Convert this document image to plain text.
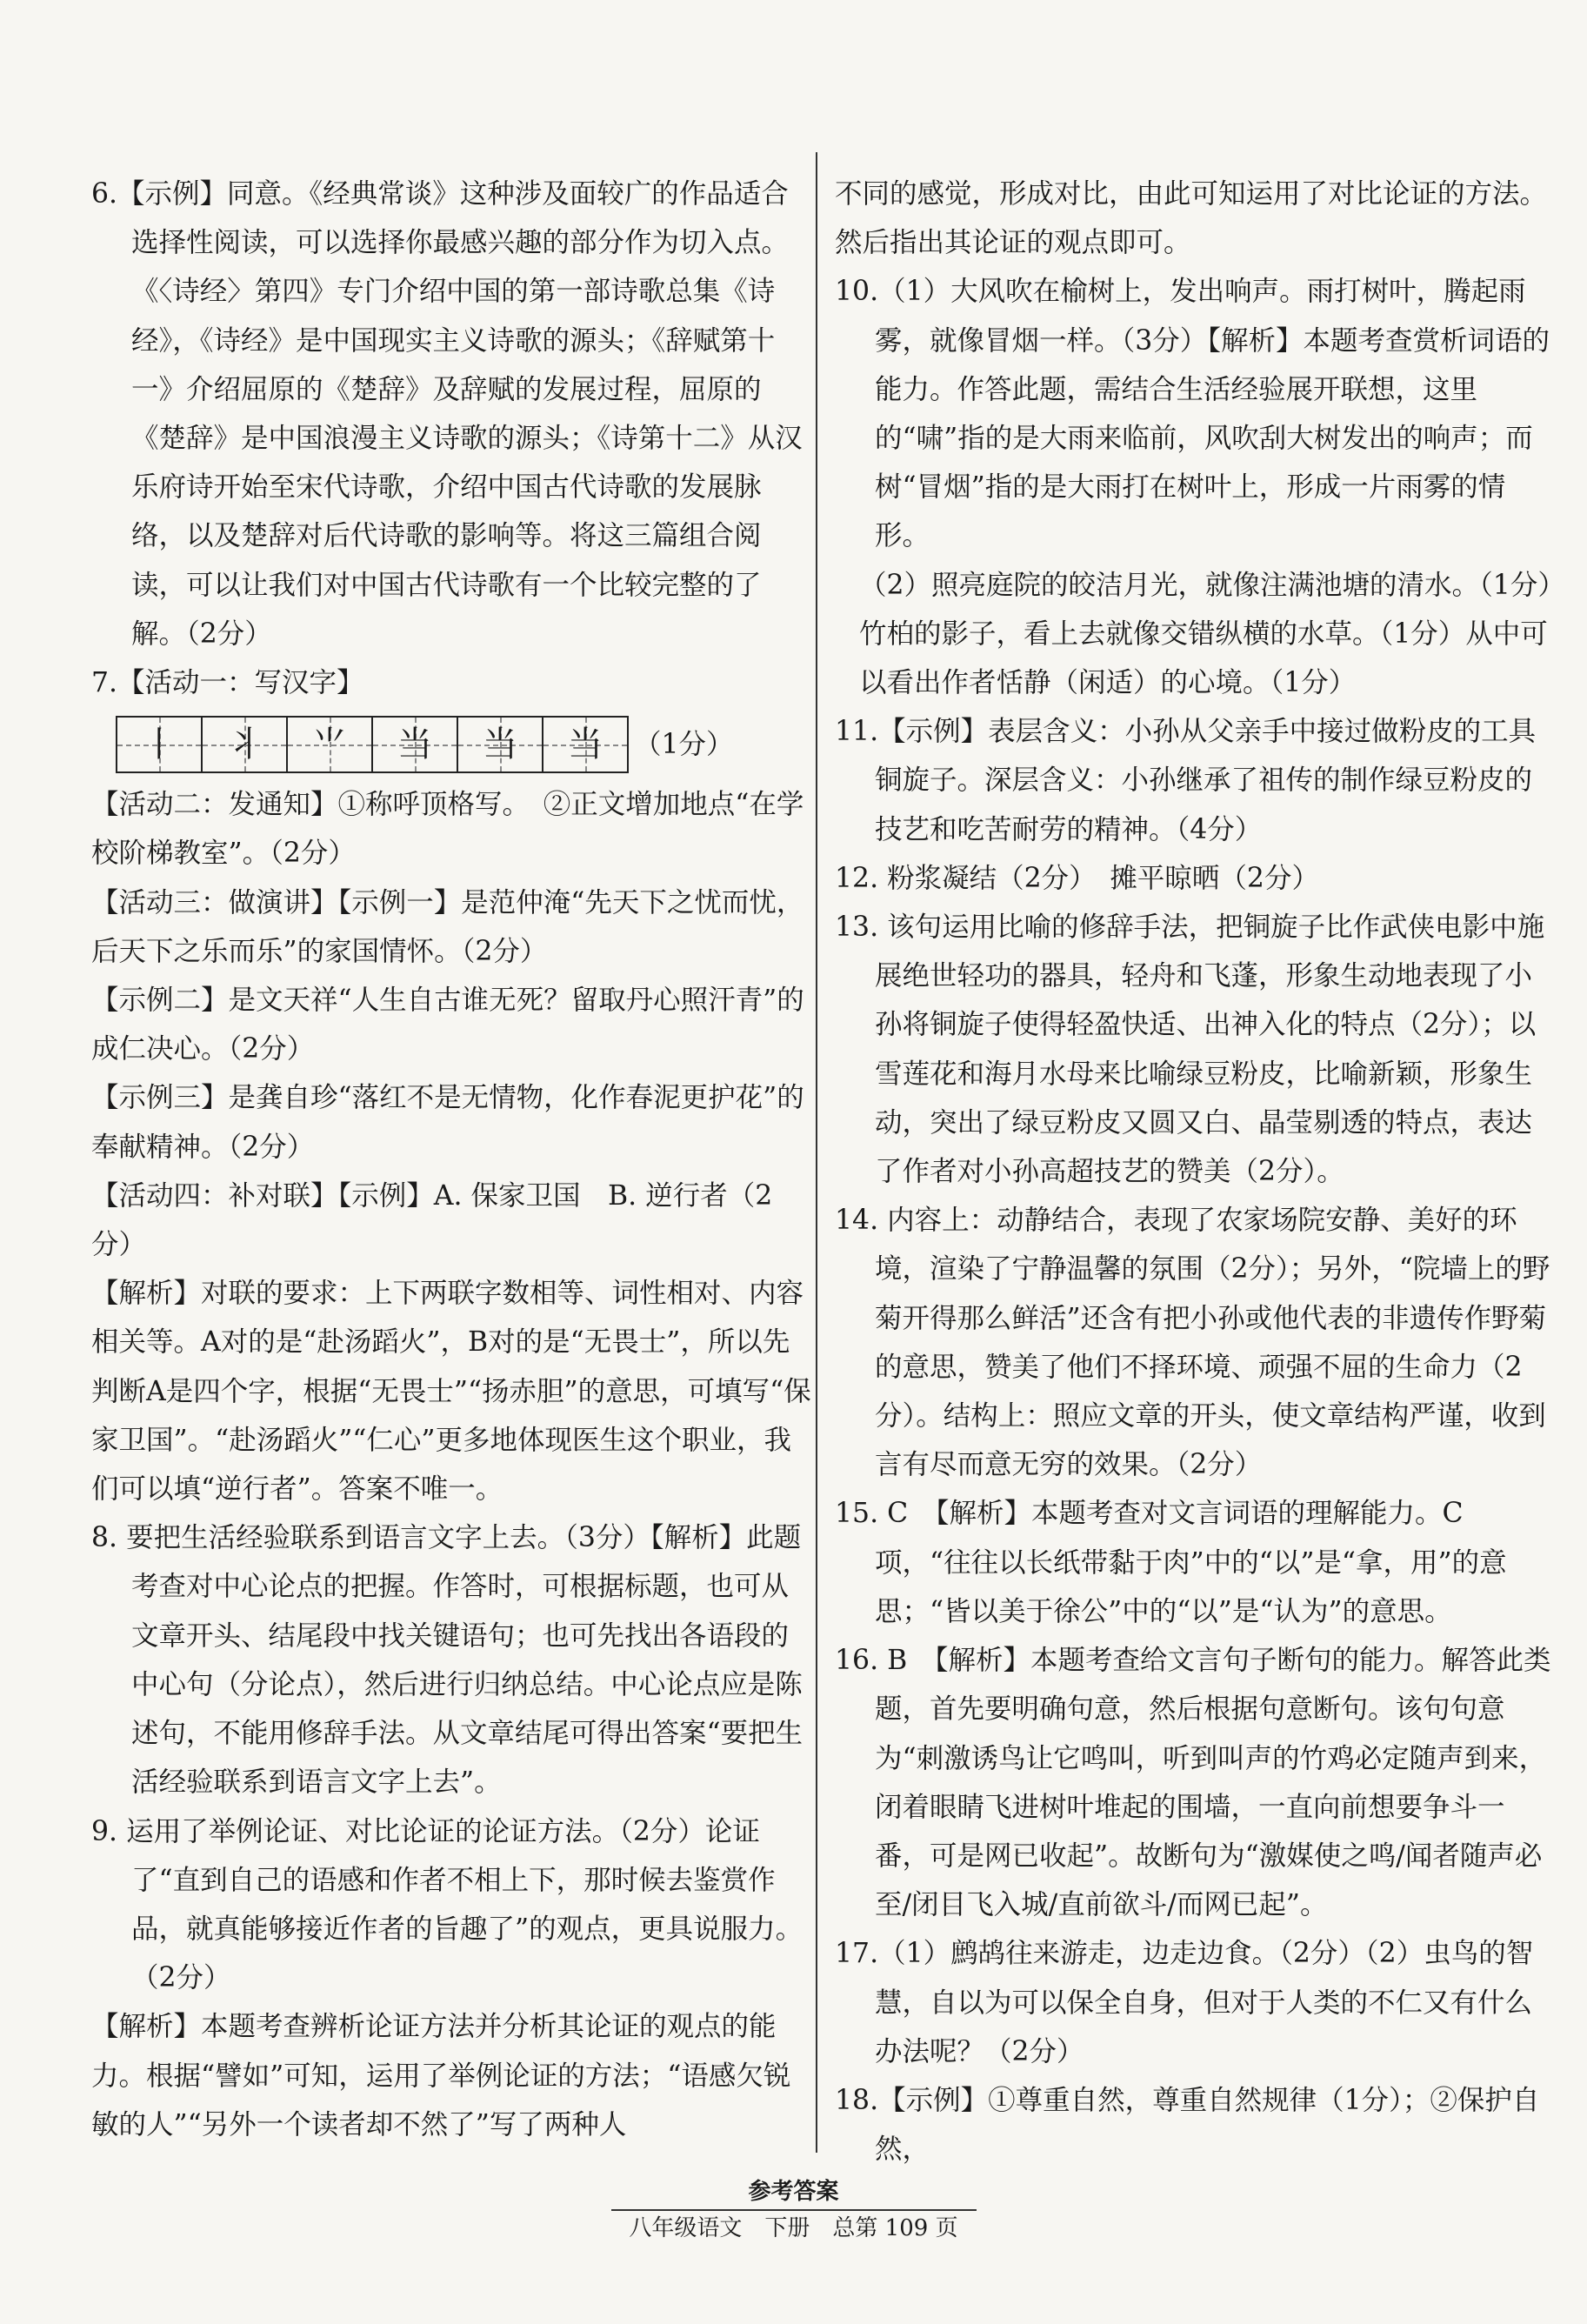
6.【示例】同意。《经典常谈》这种涉及面较广的作品适合选择性阅读，可以选择你最感兴趣的部分作为切入点。《〈诗经〉第四》专门介绍中国的第一部诗歌总集《诗经》，《诗经》是中国现实主义诗歌的源头；《辞赋第十一》介绍屈原的《楚辞》及辞赋的发展过程，屈原的《楚辞》是中国浪漫主义诗歌的源头；《诗第十二》从汉乐府诗开始至宋代诗歌，介绍中国古代诗歌的发展脉络，以及楚辞对后代诗歌的影响等。将这三篇组合阅读，可以让我们对中国古代诗歌有一个比较完整的了解。（2分）

7.【活动一：写汉字】

丨 丬 ⺌ 当 当 当 （1分）

【活动二：发通知】①称呼顶格写。　②正文增加地点“在学校阶梯教室”。（2分）

【活动三：做演讲】【示例一】是范仲淹“先天下之忧而忧，后天下之乐而乐”的家国情怀。（2分）

【示例二】是文天祥“人生自古谁无死？留取丹心照汗青”的成仁决心。（2分）

【示例三】是龚自珍“落红不是无情物，化作春泥更护花”的奉献精神。（2分）

【活动四：补对联】【示例】A. 保家卫国　B. 逆行者（2分）

【解析】对联的要求：上下两联字数相等、词性相对、内容相关等。A对的是“赴汤蹈火”，B对的是“无畏士”，所以先判断A是四个字，根据“无畏士”“扬赤胆”的意思，可填写“保家卫国”。“赴汤蹈火”“仁心”更多地体现医生这个职业，我们可以填“逆行者”。答案不唯一。

8. 要把生活经验联系到语言文字上去。（3分）【解析】此题考查对中心论点的把握。作答时，可根据标题，也可从文章开头、结尾段中找关键语句；也可先找出各语段的中心句（分论点），然后进行归纳总结。中心论点应是陈述句，不能用修辞手法。从文章结尾可得出答案“要把生活经验联系到语言文字上去”。

9. 运用了举例论证、对比论证的论证方法。（2分）论证了“直到自己的语感和作者不相上下，那时候去鉴赏作品，就真能够接近作者的旨趣了”的观点，更具说服力。（2分）

【解析】本题考查辨析论证方法并分析其论证的观点的能力。根据“譬如”可知，运用了举例论证的方法；“语感欠锐敏的人”“另外一个读者却不然了”写了两种人

不同的感觉，形成对比，由此可知运用了对比论证的方法。然后指出其论证的观点即可。

10.（1）大风吹在榆树上，发出响声。雨打树叶，腾起雨雾，就像冒烟一样。（3分）【解析】本题考查赏析词语的能力。作答此题，需结合生活经验展开联想，这里的“啸”指的是大雨来临前，风吹刮大树发出的响声；而树“冒烟”指的是大雨打在树叶上，形成一片雨雾的情形。

（2）照亮庭院的皎洁月光，就像注满池塘的清水。（1分）竹柏的影子，看上去就像交错纵横的水草。（1分）从中可以看出作者恬静（闲适）的心境。（1分）

11.【示例】表层含义：小孙从父亲手中接过做粉皮的工具铜旋子。深层含义：小孙继承了祖传的制作绿豆粉皮的技艺和吃苦耐劳的精神。（4分）

12. 粉浆凝结（2分）　摊平晾晒（2分）

13. 该句运用比喻的修辞手法，把铜旋子比作武侠电影中施展绝世轻功的器具，轻舟和飞蓬，形象生动地表现了小孙将铜旋子使得轻盈快适、出神入化的特点（2分）；以雪莲花和海月水母来比喻绿豆粉皮，比喻新颖，形象生动，突出了绿豆粉皮又圆又白、晶莹剔透的特点，表达了作者对小孙高超技艺的赞美（2分）。

14. 内容上：动静结合，表现了农家场院安静、美好的环境，渲染了宁静温馨的氛围（2分）；另外，“院墙上的野菊开得那么鲜活”还含有把小孙或他代表的非遗传作野菊的意思，赞美了他们不择环境、顽强不屈的生命力（2分）。结构上：照应文章的开头，使文章结构严谨，收到言有尽而意无穷的效果。（2分）

15. C　【解析】本题考查对文言词语的理解能力。C项，“往往以长纸带黏于肉”中的“以”是“拿，用”的意思；“皆以美于徐公”中的“以”是“认为”的意思。

16. B　【解析】本题考查给文言句子断句的能力。解答此类题，首先要明确句意，然后根据句意断句。该句句意为“刺激诱鸟让它鸣叫，听到叫声的竹鸡必定随声到来，闭着眼睛飞进树叶堆起的围墙，一直向前想要争斗一番，可是网已收起”。故断句为“激媒使之鸣/闻者随声必至/闭目飞入城/直前欲斗/而网已起”。

17.（1）鹧鸪往来游走，边走边食。（2分）（2）虫鸟的智慧，自以为可以保全自身，但对于人类的不仁又有什么办法呢？（2分）

18.【示例】①尊重自然，尊重自然规律（1分）；②保护自然，

参考答案
八年级语文　下册　总第 109 页
